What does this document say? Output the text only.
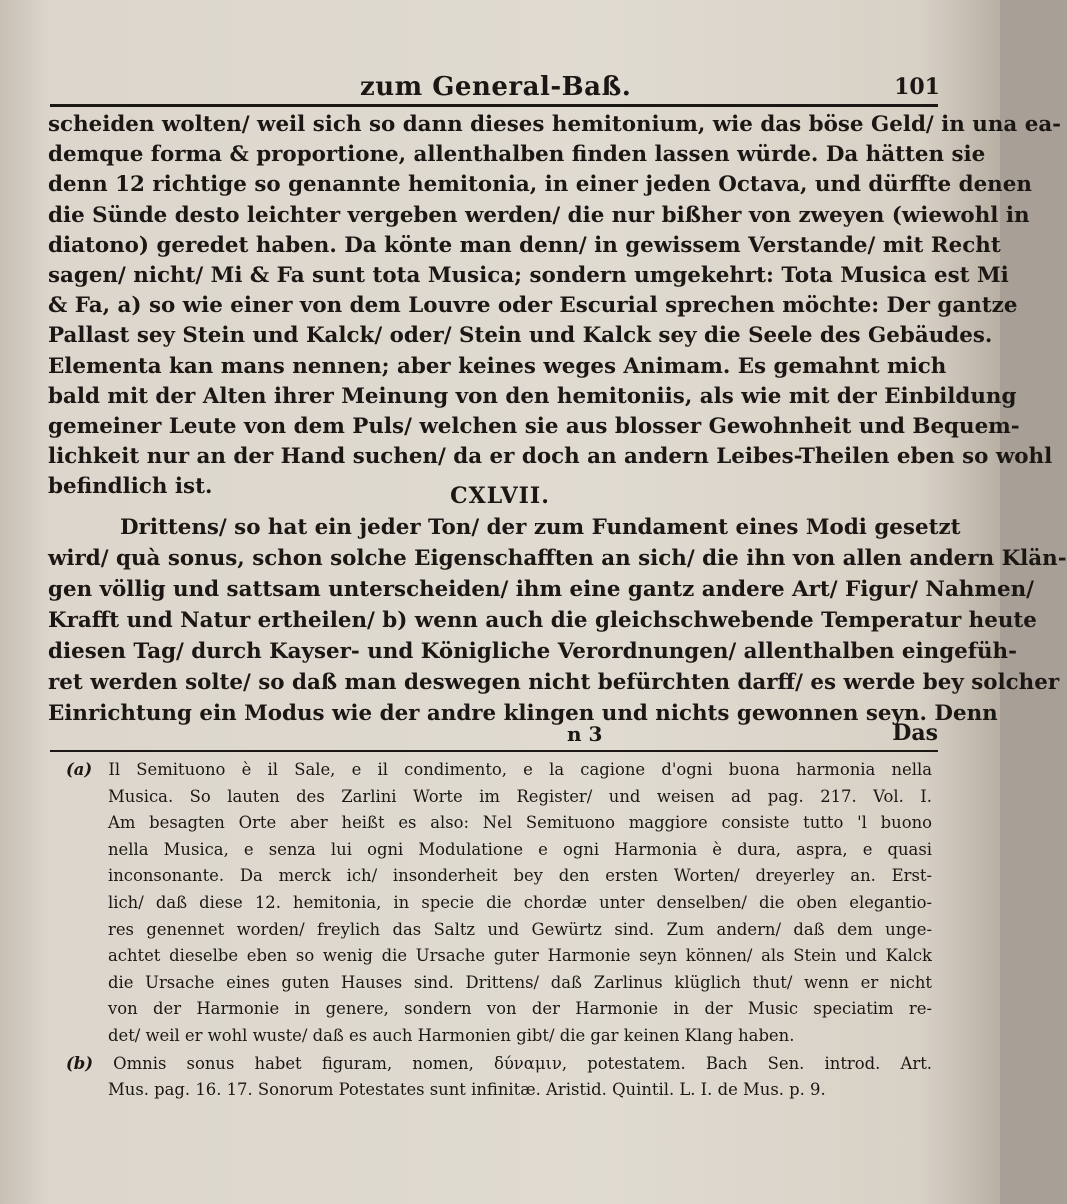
zum General-Baß.	101
scheiden wolten/ weil sich so dann dieses hemitonium, wie das böse Geld/ in una ea-
demque forma & proportione, allenthalben finden lassen würde. Da hätten sie
denn 12 richtige so genannte hemitonia, in einer jeden Octava, und dürffte denen
die Sünde desto leichter vergeben werden/ die nur bißher von zweyen (wiewohl in
diatono) geredet haben. Da könte man denn/ in gewissem Verstande/ mit Recht
sagen/ nicht/ Mi & Fa sunt tota Musica; sondern umgekehrt: Tota Musica est Mi
& Fa, a) so wie einer von dem Louvre oder Escurial sprechen möchte: Der gantze
Pallast sey Stein und Kalck/ oder/ Stein und Kalck sey die Seele des Gebäudes.
Elementa kan mans nennen; aber keines weges Animam. Es gemahnt mich
bald mit der Alten ihrer Meinung von den hemitoniis, als wie mit der Einbildung
gemeiner Leute von dem Puls/ welchen sie aus blosser Gewohnheit und Bequem-
lichkeit nur an der Hand suchen/ da er doch an andern Leibes-Theilen eben so wohl
befindlich ist.	CXLVII.
Drittens/ so hat ein jeder Ton/ der zum Fundament eines Modi gesetzt
wird/ quà sonus, schon solche Eigenschafften an sich/ die ihn von allen andern Klän-
gen völlig und sattsam unterscheiden/ ihm eine gantz andere Art/ Figur/ Nahmen/
Krafft und Natur ertheilen/ b) wenn auch die gleichschwebende Temperatur heute
diesen Tag/ durch Kayser- und Königliche Verordnungen/ allenthalben eingefüh-
ret werden solte/ so daß man deswegen nicht befürchten darff/ es werde bey solcher
Einrichtung ein Modus wie der andre klingen und nichts gewonnen seyn. Denn
n 3	Das
(a) Il Semituono è il Sale, e il condimento, e la cagione d'ogni buona harmonia nella
Musica. So lauten des Zarlini Worte im Register/ und weisen ad pag. 217. Vol. I.
Am besagten Orte aber heißt es also: Nel Semituono maggiore consiste tutto 'l buono
nella Musica, e senza lui ogni Modulatione e ogni Harmonia è dura, aspra, e quasi
inconsonante. Da merck ich/ insonderheit bey den ersten Worten/ dreyerley an. Erst-
lich/ daß diese 12. hemitonia, in specie die chordæ unter denselben/ die oben elegantio-
res genennet worden/ freylich das Saltz und Gewürtz sind. Zum andern/ daß dem unge-
achtet dieselbe eben so wenig die Ursache guter Harmonie seyn können/ als Stein und Kalck
die Ursache eines guten Hauses sind. Drittens/ daß Zarlinus klüglich thut/ wenn er nicht
von der Harmonie in genere, sondern von der Harmonie in der Music speciatim re-
det/ weil er wohl wuste/ daß es auch Harmonien gibt/ die gar keinen Klang haben.
(b) Omnis sonus habet figuram, nomen, δύναμιν, potestatem. Bach Sen. introd. Art.
Mus. pag. 16. 17. Sonorum Potestates sunt infinitæ. Aristid. Quintil. L. I. de Mus. p. 9.
